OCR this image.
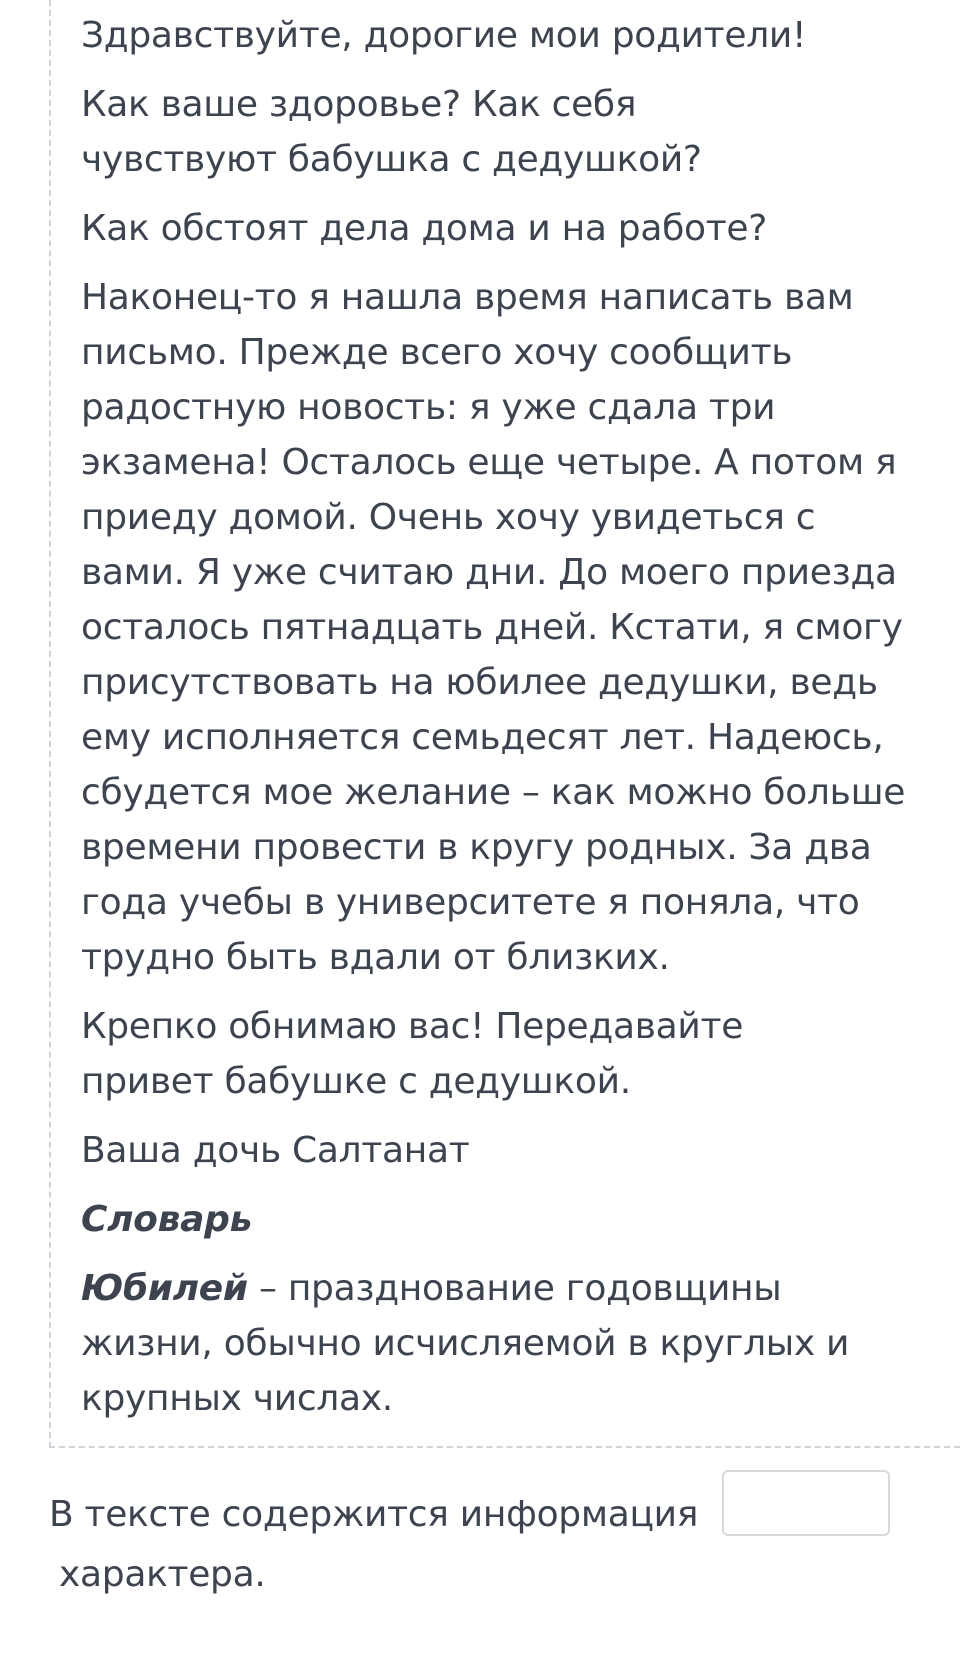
Здравствуйте, дорогие мои родители!

Как ваше здоровье? Как себя чувствуют бабушка с дедушкой?

Как обстоят дела дома и на работе?

Наконец-то я нашла время написать вам письмо. Прежде всего хочу сообщить радостную новость: я уже сдала три экзамена! Осталось еще четыре. А потом я приеду домой. Очень хочу увидеться с вами. Я уже считаю дни. До моего приезда осталось пятнадцать дней. Кстати, я смогу присутствовать на юбилее дедушки, ведь ему исполняется семьдесят лет. Надеюсь, сбудется мое желание – как можно больше времени провести в кругу родных. За два года учебы в университете я поняла, что трудно быть вдали от близких.

Крепко обнимаю вас! Передавайте привет бабушке с дедушкой.

Ваша дочь Салтанат

Словарь

Юбилей – празднование годовщины жизни, обычно исчисляемой в круглых и крупных числах.

В тексте содержится информация
характера.
